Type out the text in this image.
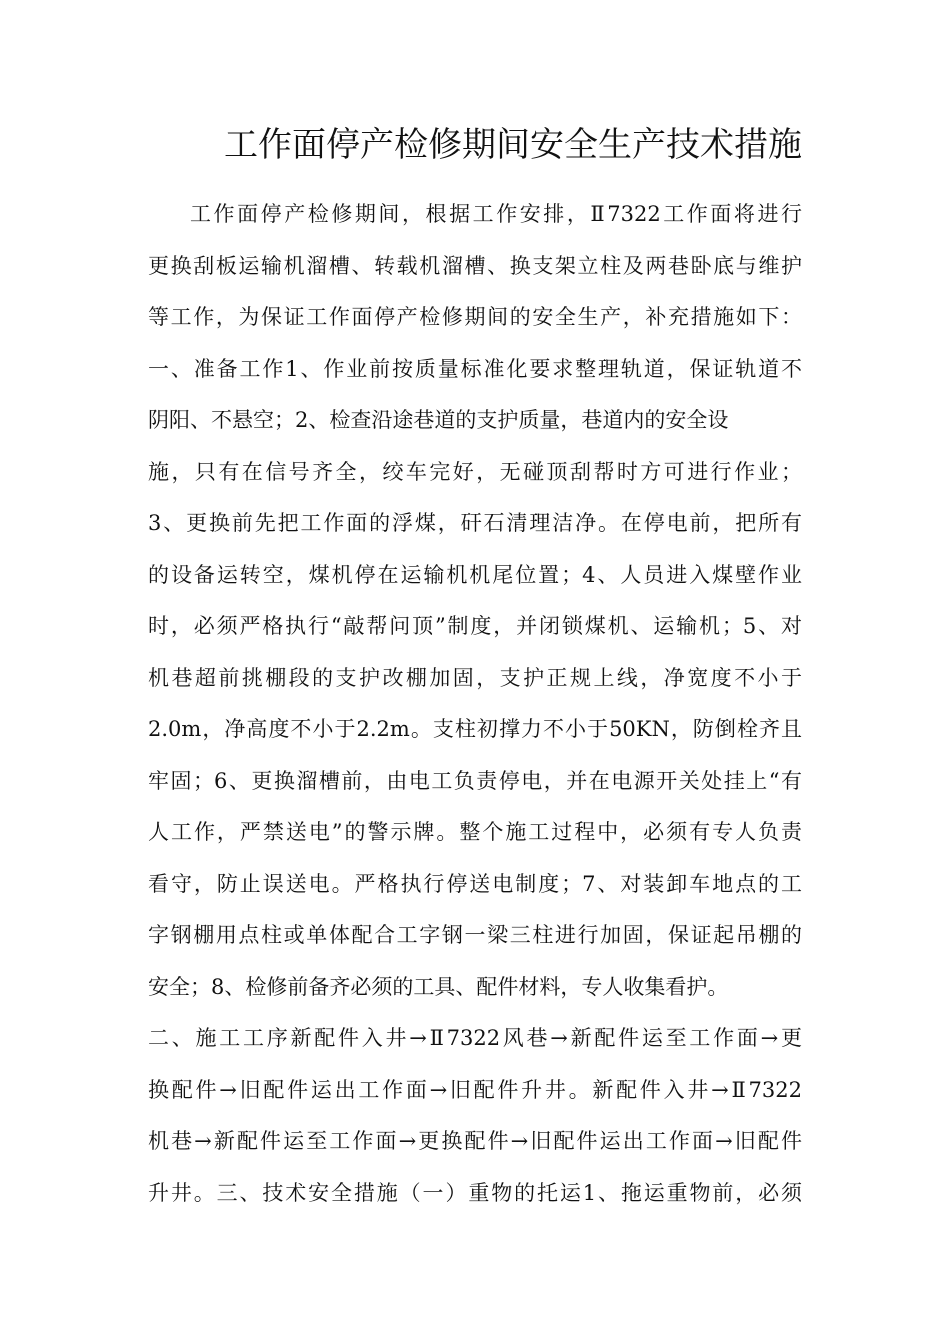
工作面停产检修期间安全生产技术措施
工作面停产检修期间，根据工作安排，Ⅱ7322工作面将进行
更换刮板运输机溜槽、转载机溜槽、换支架立柱及两巷卧底与维护
等工作，为保证工作面停产检修期间的安全生产，补充措施如下：
一、准备工作1、作业前按质量标准化要求整理轨道，保证轨道不
阴阳、不悬空；2、检查沿途巷道的支护质量，巷道内的安全设
施，只有在信号齐全，绞车完好，无碰顶刮帮时方可进行作业；
3、更换前先把工作面的浮煤，矸石清理洁净。在停电前，把所有
的设备运转空，煤机停在运输机机尾位置；4、人员进入煤壁作业
时，必须严格执行“敲帮问顶”制度，并闭锁煤机、运输机；5、对
机巷超前挑棚段的支护改棚加固，支护正规上线，净宽度不小于
2.0m，净高度不小于2.2m。支柱初撑力不小于50KN，防倒栓齐且
牢固；6、更换溜槽前，由电工负责停电，并在电源开关处挂上“有
人工作，严禁送电”的警示牌。整个施工过程中，必须有专人负责
看守，防止误送电。严格执行停送电制度；7、对装卸车地点的工
字钢棚用点柱或单体配合工字钢一梁三柱进行加固，保证起吊棚的
安全；8、检修前备齐必须的工具、配件材料，专人收集看护。
二、施工工序新配件入井→Ⅱ7322风巷→新配件运至工作面→更
换配件→旧配件运出工作面→旧配件升井。新配件入井→Ⅱ7322
机巷→新配件运至工作面→更换配件→旧配件运出工作面→旧配件
升井。三、技术安全措施（一）重物的托运1、拖运重物前，必须
